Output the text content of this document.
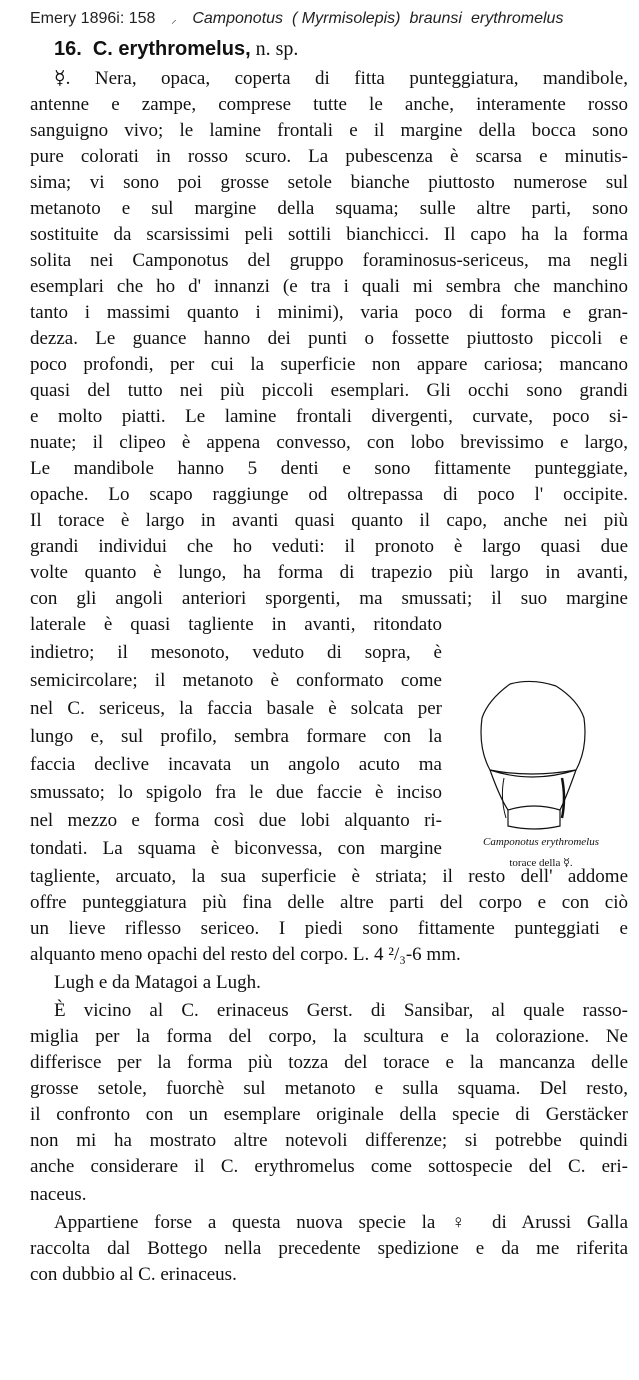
Emery 1896i: 158 ⸝ Camponotus ( Myrmisolepis) braunsi erythromelus
16. C. erythromelus, n. sp.
☿. Nera, opaca, coperta di fitta punteggiatura, mandibole,
antenne e zampe, comprese tutte le anche, interamente rosso
sanguigno vivo; le lamine frontali e il margine della bocca sono
pure colorati in rosso scuro. La pubescenza è scarsa e minutis-
sima; vi sono poi grosse setole bianche piuttosto numerose sul
metanoto e sul margine della squama; sulle altre parti, sono
sostituite da scarsissimi peli sottili bianchicci. Il capo ha la forma
solita nei Camponotus del gruppo foraminosus-sericeus, ma negli
esemplari che ho d' innanzi (e tra i quali mi sembra che manchino
tanto i massimi quanto i minimi), varia poco di forma e gran-
dezza. Le guance hanno dei punti o fossette piuttosto piccoli e
poco profondi, per cui la superficie non appare cariosa; mancano
quasi del tutto nei più piccoli esemplari. Gli occhi sono grandi
e molto piatti. Le lamine frontali divergenti, curvate, poco si-
nuate; il clipeo è appena convesso, con lobo brevissimo e largo,
Le mandibole hanno 5 denti e sono fittamente punteggiate,
opache. Lo scapo raggiunge od oltrepassa di poco l' occipite.
Il torace è largo in avanti quasi quanto il capo, anche nei più
grandi individui che ho veduti: il pronoto è largo quasi due
volte quanto è lungo, ha forma di trapezio più largo in avanti,
con gli angoli anteriori sporgenti, ma smussati; il suo margine
laterale è quasi tagliente in avanti, ritondato
indietro; il mesonoto, veduto di sopra, è
semicircolare; il metanoto è conformato come
nel C. sericeus, la faccia basale è solcata per
lungo e, sul profilo, sembra formare con la
faccia declive incavata un angolo acuto ma
smussato; lo spigolo fra le due faccie è inciso
nel mezzo e forma così due lobi alquanto ri-
tondati. La squama è biconvessa, con margine
tagliente, arcuato, la sua superficie è striata; il resto dell' addome
offre punteggiatura più fina delle altre parti del corpo e con ciò
un lieve riflesso sericeo. I piedi sono fittamente punteggiati e
alquanto meno opachi del resto del corpo. L. 4 ²/₃-6 mm.
Lugh e da Matagoi a Lugh.
È vicino al C. erinaceus Gerst. di Sansibar, al quale rasso-
miglia per la forma del corpo, la scultura e la colorazione. Ne
differisce per la forma più tozza del torace e la mancanza delle
grosse setole, fuorchè sul metanoto e sulla squama. Del resto,
il confronto con un esemplare originale della specie di Gerstäcker
non mi ha mostrato altre notevoli differenze; si potrebbe quindi
anche considerare il C. erythromelus come sottospecie del C. eri-
naceus.
Appartiene forse a questa nuova specie la ♀ di Arussi Galla
raccolta dal Bottego nella precedente spedizione e da me riferita
con dubbio al C. erinaceus.
Camponotus erythromelus
torace della ☿.
